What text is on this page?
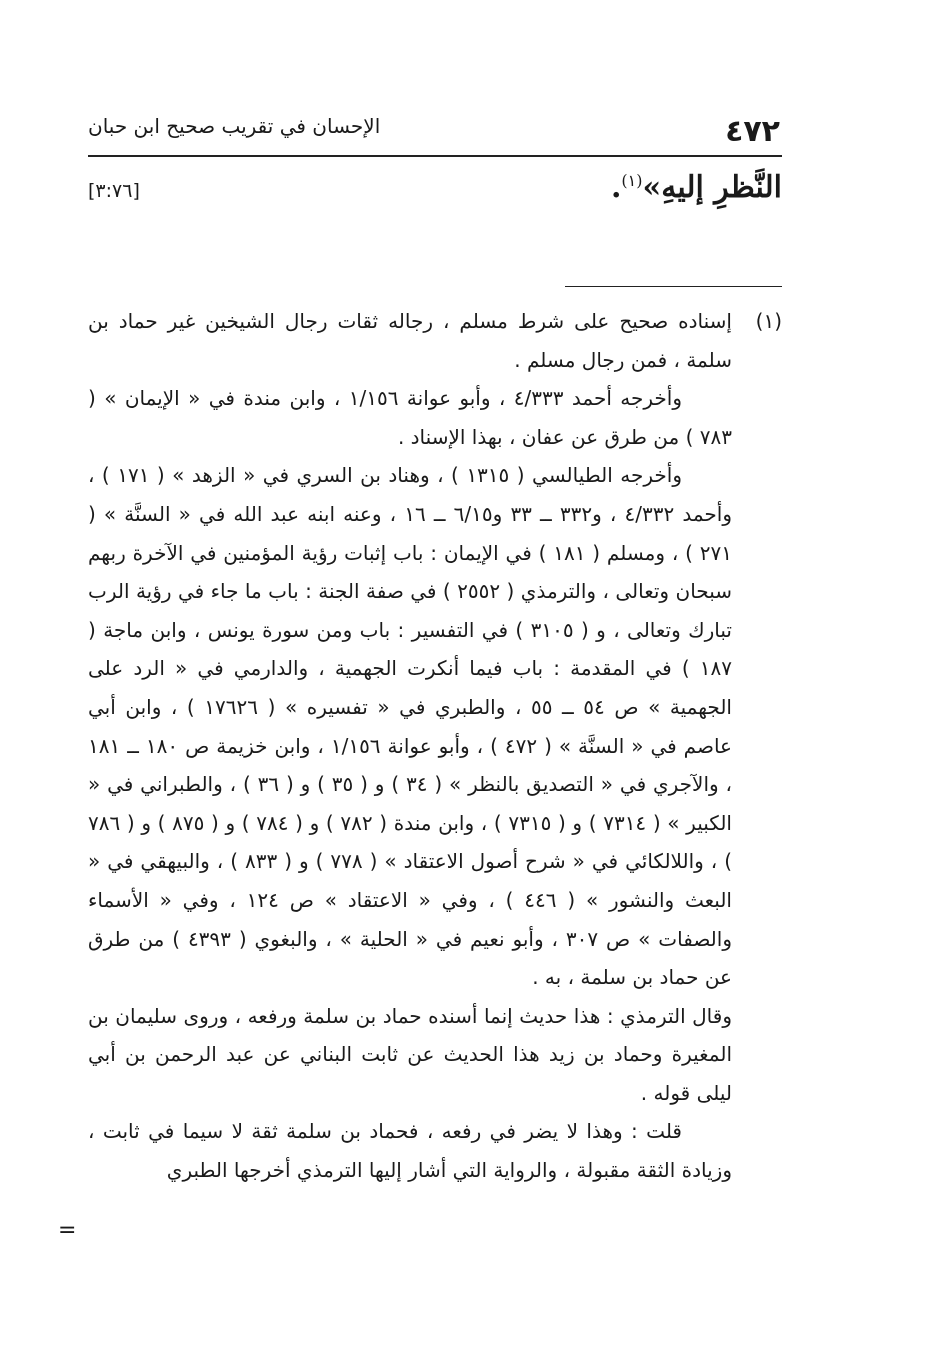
٤٧٢
الإحسان في تقريب صحيح ابن حبان
النَّظرِ إليهِ»$^{(١)}$.
[٣:٧٦]
(١)

إسناده صحيح على شرط مسلم ، رجاله ثقات رجال الشيخين غير حماد بن سلمة ، فمن رجال مسلم .

وأخرجه أحمد ٤/٣٣٣ ، وأبو عوانة ١/١٥٦ ، وابن مندة في « الإيمان » ( ٧٨٣ ) من طرق عن عفان ، بهذا الإسناد .

وأخرجه الطيالسي ( ١٣١٥ ) ، وهناد بن السري في « الزهد » ( ١٧١ ) ، وأحمد ٤/٣٣٢ ، و٣٣٢ ــ ٣٣ و٦/١٥ ــ ١٦ ، وعنه ابنه عبد الله في « السنَّة » ( ٢٧١ ) ، ومسلم ( ١٨١ ) في الإيمان : باب إثبات رؤية المؤمنين في الآخرة ربهم سبحان وتعالى ، والترمذي ( ٢٥٥٢ ) في صفة الجنة : باب ما جاء في رؤية الرب تبارك وتعالى ، و ( ٣١٠٥ ) في التفسير : باب ومن سورة يونس ، وابن ماجة ( ١٨٧ ) في المقدمة : باب فيما أنكرت الجهمية ، والدارمي في « الرد على الجهمية » ص ٥٤ ــ ٥٥ ، والطبري في « تفسيره » ( ١٧٦٢٦ ) ، وابن أبي عاصم في « السنَّة » ( ٤٧٢ ) ، وأبو عوانة ١/١٥٦ ، وابن خزيمة ص ١٨٠ ــ ١٨١ ، والآجري في « التصديق بالنظر » ( ٣٤ ) و ( ٣٥ ) و ( ٣٦ ) ، والطبراني في « الكبير » ( ٧٣١٤ ) و ( ٧٣١٥ ) ، وابن مندة ( ٧٨٢ ) و ( ٧٨٤ ) و ( ٨٧٥ ) و ( ٧٨٦ ) ، واللالكائي في « شرح أصول الاعتقاد » ( ٧٧٨ ) و ( ٨٣٣ ) ، والبيهقي في « البعث والنشور » ( ٤٤٦ ) ، وفي « الاعتقاد » ص ١٢٤ ، وفي « الأسماء والصفات » ص ٣٠٧ ، وأبو نعيم في « الحلية » ، والبغوي ( ٤٣٩٣ ) من طرق عن حماد بن سلمة ، به .

وقال الترمذي : هذا حديث إنما أسنده حماد بن سلمة ورفعه ، وروى سليمان بن المغيرة وحماد بن زيد هذا الحديث عن ثابت البناني عن عبد الرحمن بن أبي ليلى قوله .

قلت : وهذا لا يضر في رفعه ، فحماد بن سلمة ثقة لا سيما في ثابت ، وزيادة الثقة مقبولة ، والرواية التي أشار إليها الترمذي أخرجها الطبري

=
